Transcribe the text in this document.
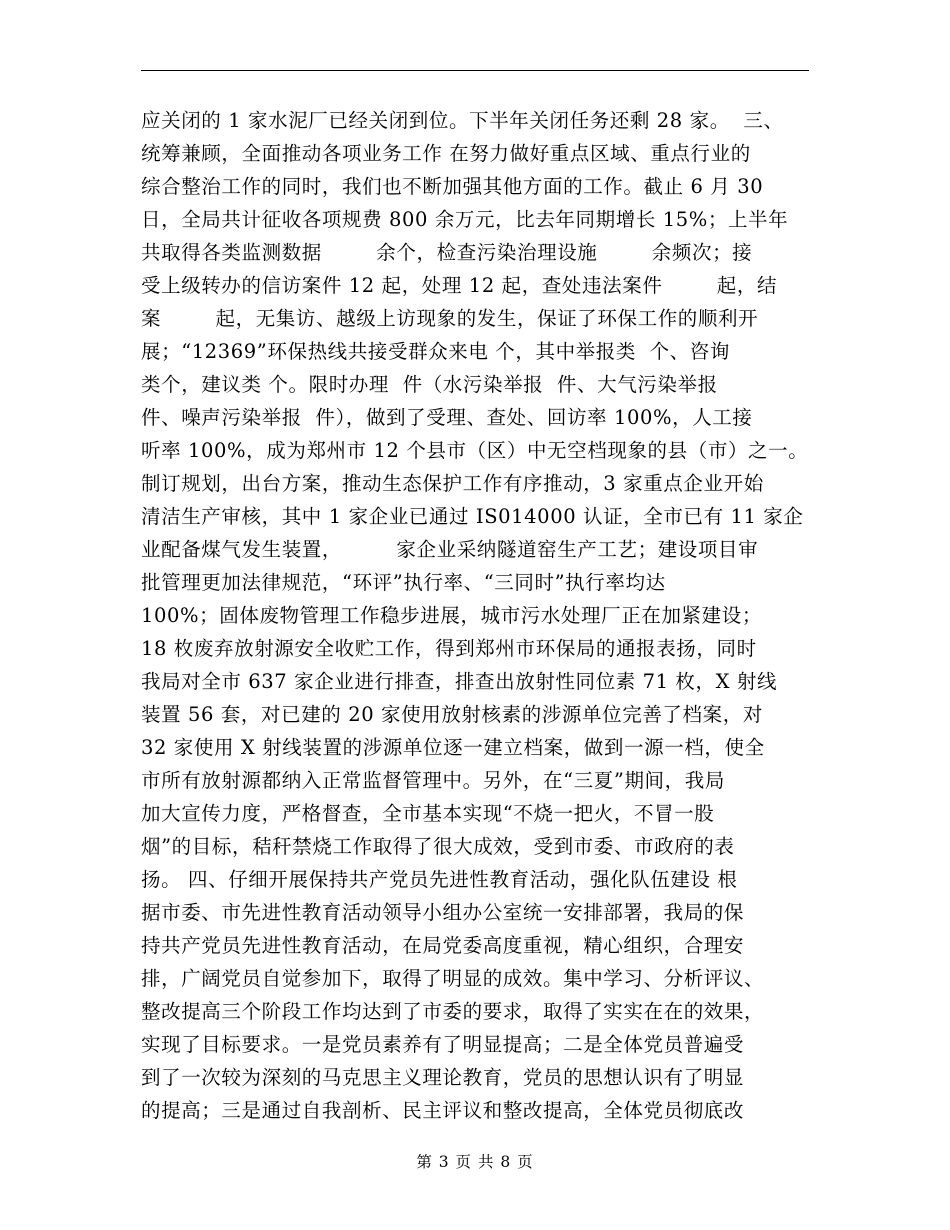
应关闭的 1 家水泥厂已经关闭到位。下半年关闭任务还剩 28 家。  三、
统筹兼顾，全面推动各项业务工作 在努力做好重点区域、重点行业的
综合整治工作的同时，我们也不断加强其他方面的工作。截止 6 月 30
日，全局共计征收各项规费 800 余万元，比去年同期增长 15%；上半年
共取得各类监测数据        余个，检查污染治理设施        余频次；接
受上级转办的信访案件 12 起，处理 12 起，查处违法案件        起，结
案        起，无集访、越级上访现象的发生，保证了环保工作的顺利开
展；“12369”环保热线共接受群众来电 个，其中举报类  个、咨询
类个，建议类 个。限时办理  件（水污染举报  件、大气污染举报
件、噪声污染举报  件），做到了受理、查处、回访率 100%，人工接
听率 100%，成为郑州市 12 个县市（区）中无空档现象的县（市）之一。
制订规划，出台方案，推动生态保护工作有序推动，3 家重点企业开始
清洁生产审核，其中 1 家企业已通过 IS014000 认证，全市已有 11 家企
业配备煤气发生装置，        家企业采纳隧道窑生产工艺；建设项目审
批管理更加法律规范，“环评”执行率、“三同时”执行率均达
100%；固体废物管理工作稳步进展，城市污水处理厂正在加紧建设；
18 枚废弃放射源安全收贮工作，得到郑州市环保局的通报表扬，同时
我局对全市 637 家企业进行排查，排查出放射性同位素 71 枚，X 射线
装置 56 套，对已建的 20 家使用放射核素的涉源单位完善了档案，对
32 家使用 X 射线装置的涉源单位逐一建立档案，做到一源一档，使全
市所有放射源都纳入正常监督管理中。另外，在“三夏”期间，我局
加大宣传力度，严格督查，全市基本实现“不烧一把火，不冒一股
烟”的目标，秸秆禁烧工作取得了很大成效，受到市委、市政府的表
扬。 四、仔细开展保持共产党员先进性教育活动，强化队伍建设 根
据市委、市先进性教育活动领导小组办公室统一安排部署，我局的保
持共产党员先进性教育活动，在局党委高度重视，精心组织，合理安
排，广阔党员自觉参加下，取得了明显的成效。集中学习、分析评议、
整改提高三个阶段工作均达到了市委的要求，取得了实实在在的效果，
实现了目标要求。一是党员素养有了明显提高；二是全体党员普遍受
到了一次较为深刻的马克思主义理论教育，党员的思想认识有了明显
的提高；三是通过自我剖析、民主评议和整改提高，全体党员彻底改
第 3 页 共 8 页
